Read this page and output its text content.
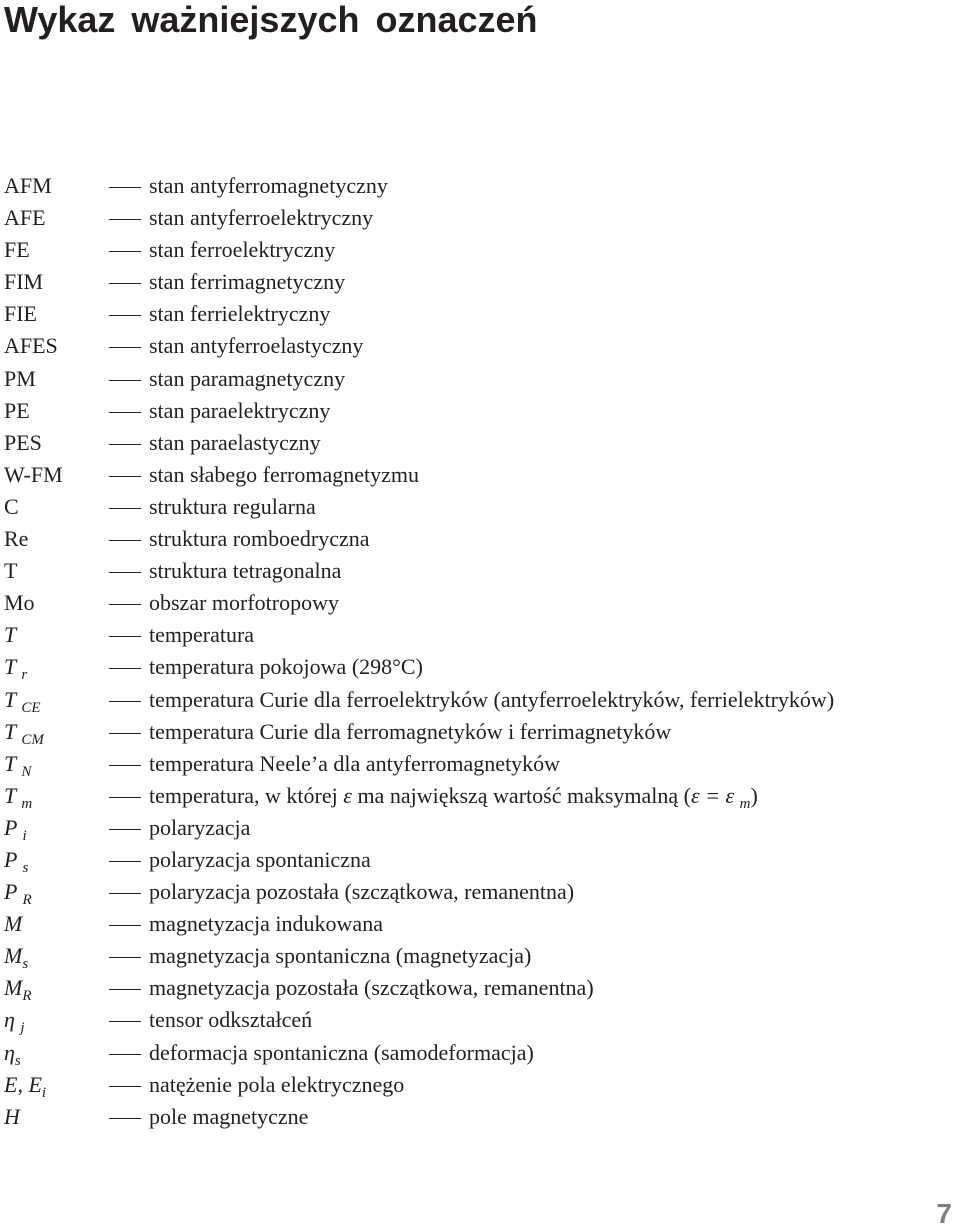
Wykaz ważniejszych oznaczeń
AFM	stan antyferromagnetyczny
AFE	stan antyferroelektryczny
FE	stan ferroelektryczny
FIM	stan ferrimagnetyczny
FIE	stan ferrielektryczny
AFES	stan antyferroelastyczny
PM	stan paramagnetyczny
PE	stan paraelektryczny
PES	stan paraelastyczny
W-FM	stan słabego ferromagnetyzmu
C	struktura regularna
Re	struktura romboedryczna
T	struktura tetragonalna
Mo	obszar morfotropowy
T	temperatura
T $_r$	temperatura pokojowa (298°C)
T $_{CE}$	temperatura Curie dla ferroelektryków (antyferroelektryków, ferrielektryków)
T $_{CM}$	temperatura Curie dla ferromagnetyków i ferrimagnetyków
T $_N$	temperatura Neele’a dla antyferromagnetyków
T $_m$	temperatura, w której ε ma największą wartość maksymalną (ε = ε $_m$)
P $_i$	polaryzacja
P $_s$	polaryzacja spontaniczna
P $_R$	polaryzacja pozostała (szczątkowa, remanentna)
M	magnetyzacja indukowana
$M_s$	magnetyzacja spontaniczna (magnetyzacja)
$M_R$	magnetyzacja pozostała (szczątkowa, remanentna)
η $_j$	tensor odkształceń
$\eta_s$	deformacja spontaniczna (samodeformacja)
E, $E_i$	natężenie pola elektrycznego
H	pole magnetyczne
7
